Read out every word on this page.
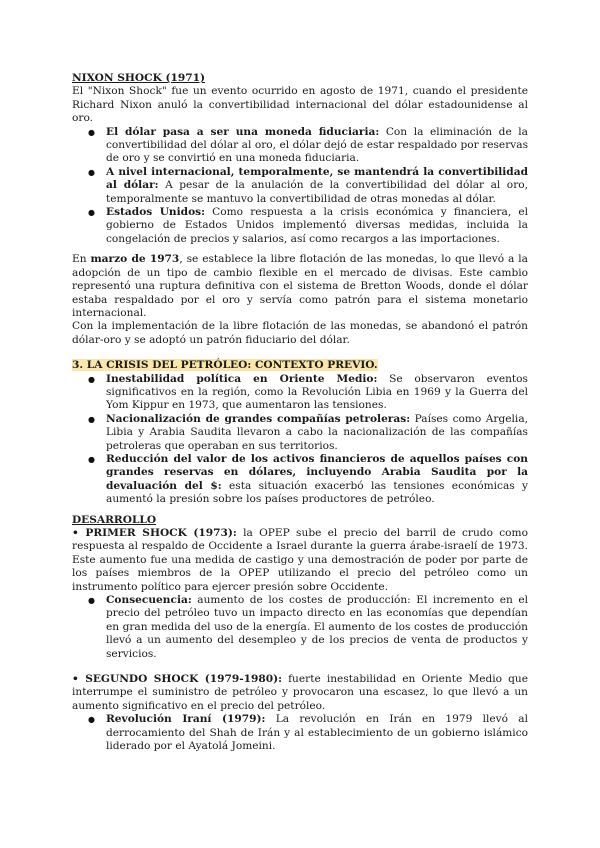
NIXON SHOCK (1971)

El "Nixon Shock" fue un evento ocurrido en agosto de 1971, cuando el presidente Richard Nixon anuló la convertibilidad internacional del dólar estadounidense al oro.

● El dólar pasa a ser una moneda fiduciaria: Con la eliminación de la convertibilidad del dólar al oro, el dólar dejó de estar respaldado por reservas de oro y se convirtió en una moneda fiduciaria.
● A nivel internacional, temporalmente, se mantendrá la convertibilidad al dólar: A pesar de la anulación de la convertibilidad del dólar al oro, temporalmente se mantuvo la convertibilidad de otras monedas al dólar.
● Estados Unidos: Como respuesta a la crisis económica y financiera, el gobierno de Estados Unidos implementó diversas medidas, incluida la congelación de precios y salarios, así como recargos a las importaciones.

En marzo de 1973, se establece la libre flotación de las monedas, lo que llevó a la adopción de un tipo de cambio flexible en el mercado de divisas. Este cambio representó una ruptura definitiva con el sistema de Bretton Woods, donde el dólar estaba respaldado por el oro y servía como patrón para el sistema monetario internacional.

Con la implementación de la libre flotación de las monedas, se abandonó el patrón dólar-oro y se adoptó un patrón fiduciario del dólar.

3. LA CRISIS DEL PETRÓLEO: CONTEXTO PREVIO.

● Inestabilidad política en Oriente Medio: Se observaron eventos significativos en la región, como la Revolución Libia en 1969 y la Guerra del Yom Kippur en 1973, que aumentaron las tensiones.
● Nacionalización de grandes compañías petroleras: Países como Argelia, Libia y Arabia Saudita llevaron a cabo la nacionalización de las compañías petroleras que operaban en sus territorios.
● Reducción del valor de los activos financieros de aquellos países con grandes reservas en dólares, incluyendo Arabia Saudita por la devaluación del $: esta situación exacerbó las tensiones económicas y aumentó la presión sobre los países productores de petróleo.

DESARROLLO

• PRIMER SHOCK (1973): la OPEP sube el precio del barril de crudo como respuesta al respaldo de Occidente a Israel durante la guerra árabe-israelí de 1973. Este aumento fue una medida de castigo y una demostración de poder por parte de los países miembros de la OPEP utilizando el precio del petróleo como un instrumento político para ejercer presión sobre Occidente.

● Consecuencia: aumento de los costes de producción: El incremento en el precio del petróleo tuvo un impacto directo en las economías que dependían en gran medida del uso de la energía. El aumento de los costes de producción llevó a un aumento del desempleo y de los precios de venta de productos y servicios.

• SEGUNDO SHOCK (1979-1980): fuerte inestabilidad en Oriente Medio que interrumpe el suministro de petróleo y provocaron una escasez, lo que llevó a un aumento significativo en el precio del petróleo.

● Revolución Iraní (1979): La revolución en Irán en 1979 llevó al derrocamiento del Shah de Irán y al establecimiento de un gobierno islámico liderado por el Ayatolá Jomeini.
